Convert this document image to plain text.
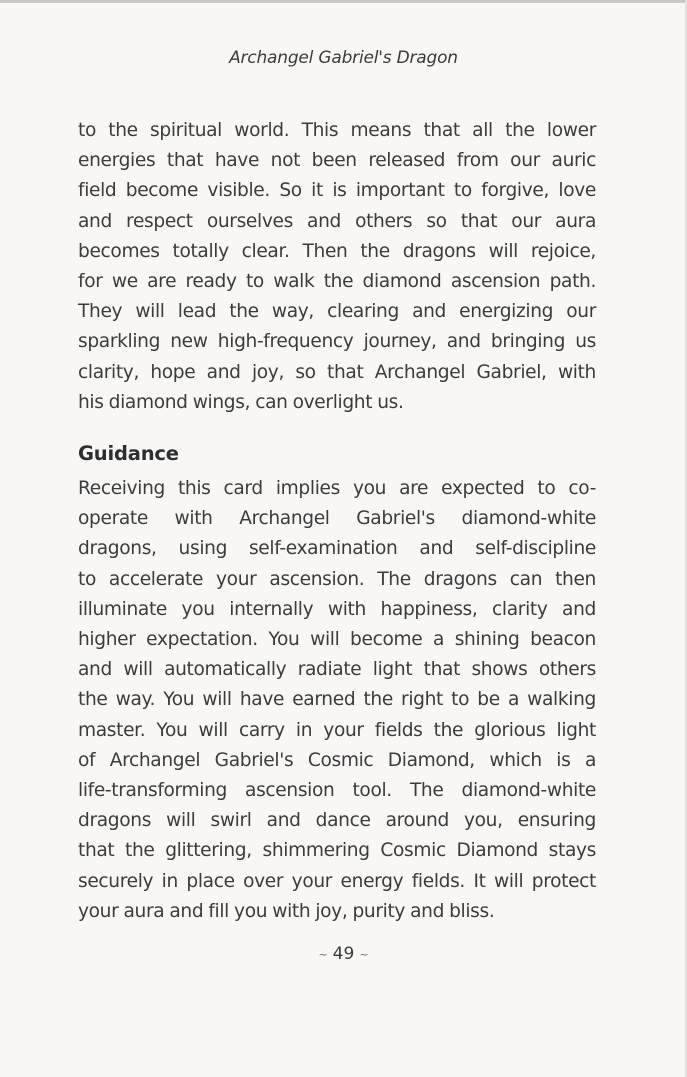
Archangel Gabriel's Dragon
to the spiritual world. This means that all the lower
energies that have not been released from our auric
field become visible. So it is important to forgive, love
and respect ourselves and others so that our aura
becomes totally clear. Then the dragons will rejoice,
for we are ready to walk the diamond ascension path.
They will lead the way, clearing and energizing our
sparkling new high-frequency journey, and bringing us
clarity, hope and joy, so that Archangel Gabriel, with
his diamond wings, can overlight us.
Guidance
Receiving this card implies you are expected to co-
operate with Archangel Gabriel's diamond-white
dragons, using self-examination and self-discipline
to accelerate your ascension. The dragons can then
illuminate you internally with happiness, clarity and
higher expectation. You will become a shining beacon
and will automatically radiate light that shows others
the way. You will have earned the right to be a walking
master. You will carry in your fields the glorious light
of Archangel Gabriel's Cosmic Diamond, which is a
life-transforming ascension tool. The diamond-white
dragons will swirl and dance around you, ensuring
that the glittering, shimmering Cosmic Diamond stays
securely in place over your energy fields. It will protect
your aura and fill you with joy, purity and bliss.
~ 49 ~
